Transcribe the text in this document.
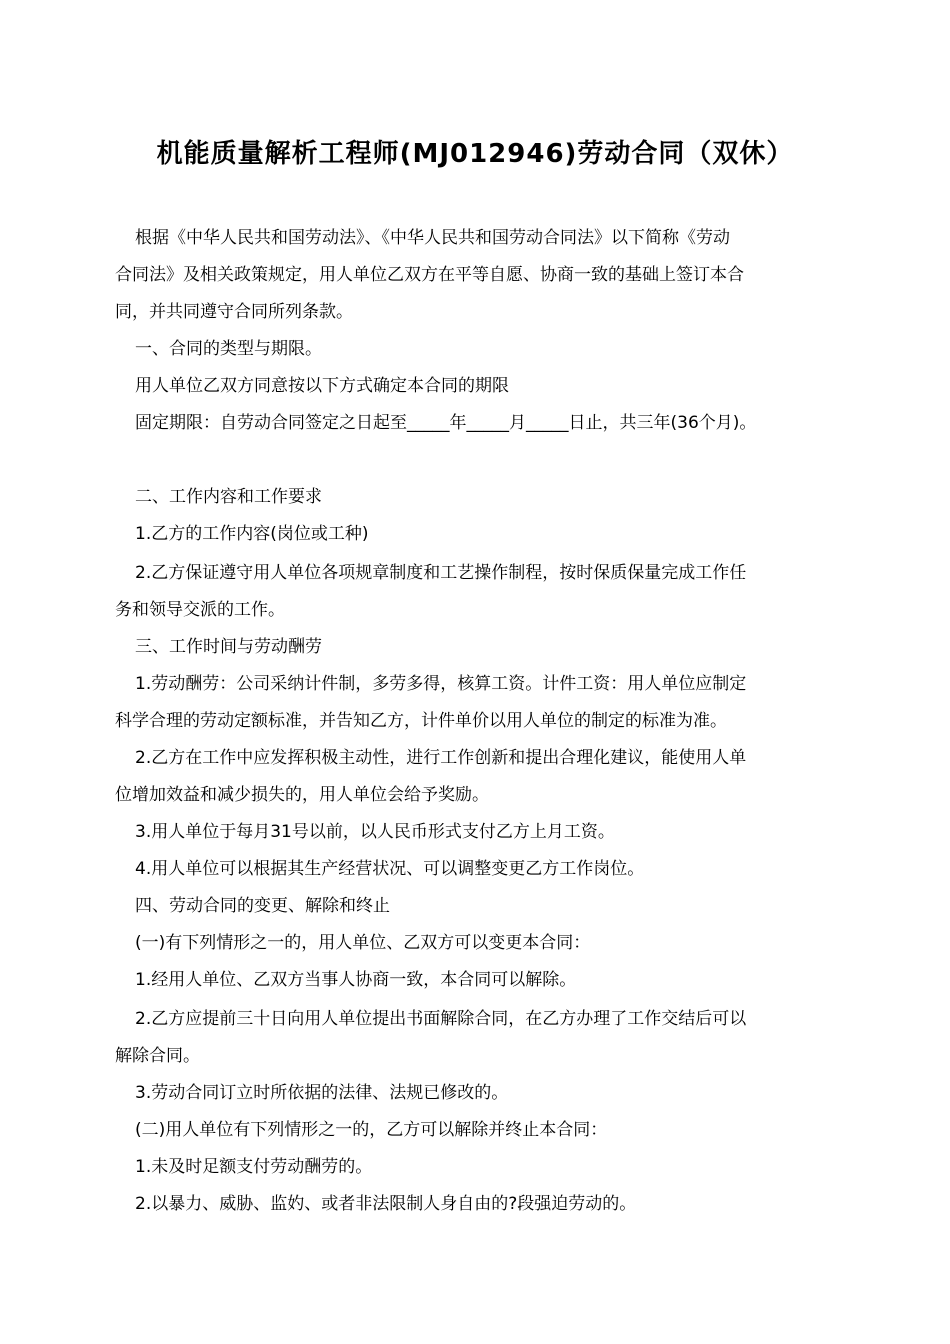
机能质量解析工程师(MJ012946)劳动合同（双休）
根据《中华人民共和国劳动法》、《中华人民共和国劳动合同法》以下简称《劳动
合同法》及相关政策规定，用人单位乙双方在平等自愿、协商一致的基础上签订本合
同，并共同遵守合同所列条款。
一、合同的类型与期限。
用人单位乙双方同意按以下方式确定本合同的期限
固定期限：自劳动合同签定之日起至_____年_____月_____日止，共三年(36个月)。
二、工作内容和工作要求
1.乙方的工作内容(岗位或工种)
2.乙方保证遵守用人单位各项规章制度和工艺操作制程，按时保质保量完成工作任
务和领导交派的工作。
三、工作时间与劳动酬劳
1.劳动酬劳：公司采纳计件制，多劳多得，核算工资。计件工资：用人单位应制定
科学合理的劳动定额标准，并告知乙方，计件单价以用人单位的制定的标准为准。
2.乙方在工作中应发挥积极主动性，进行工作创新和提出合理化建议，能使用人单
位增加效益和减少损失的，用人单位会给予奖励。
3.用人单位于每月31号以前，以人民币形式支付乙方上月工资。
4.用人单位可以根据其生产经营状况、可以调整变更乙方工作岗位。
四、劳动合同的变更、解除和终止
(一)有下列情形之一的，用人单位、乙双方可以变更本合同：
1.经用人单位、乙双方当事人协商一致，本合同可以解除。
2.乙方应提前三十日向用人单位提出书面解除合同，在乙方办理了工作交结后可以
解除合同。
3.劳动合同订立时所依据的法律、法规已修改的。
(二)用人单位有下列情形之一的，乙方可以解除并终止本合同：
1.未及时足额支付劳动酬劳的。
2.以暴力、威胁、监妁、或者非法限制人身自由的?段强迫劳动的。
